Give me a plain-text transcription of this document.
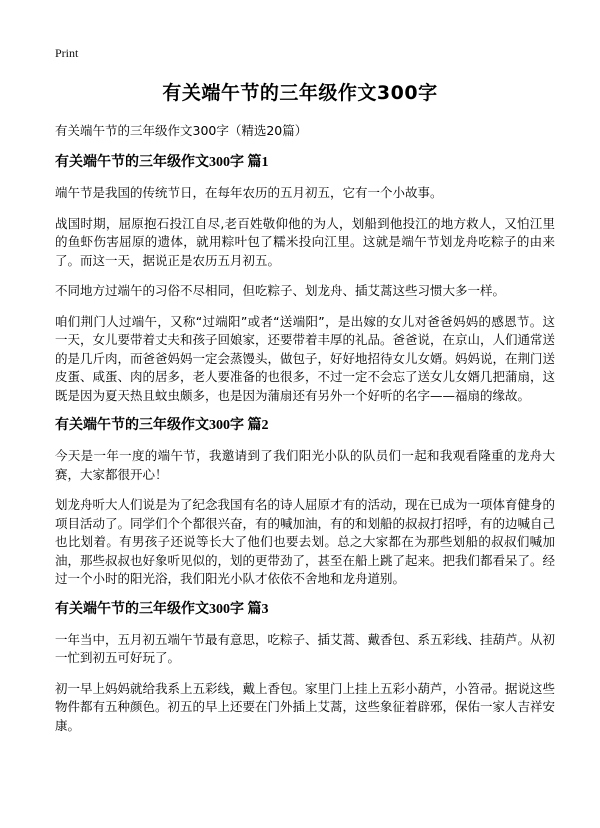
Print
有关端午节的三年级作文300字

有关端午节的三年级作文300字（精选20篇）

有关端午节的三年级作文300字 篇1

端午节是我国的传统节日，在每年农历的五月初五，它有一个小故事。

战国时期，屈原抱石投江自尽,老百姓敬仰他的为人，划船到他投江的地方救人，又怕江里的鱼虾伤害屈原的遗体，就用粽叶包了糯米投向江里。这就是端午节划龙舟吃粽子的由来了。而这一天，据说正是农历五月初五。

不同地方过端午的习俗不尽相同，但吃粽子、划龙舟、插艾蒿这些习惯大多一样。

咱们荆门人过端午，又称“过端阳”或者“送端阳”，是出嫁的女儿对爸爸妈妈的感恩节。这一天，女儿要带着丈夫和孩子回娘家，还要带着丰厚的礼品。爸爸说，在京山，人们通常送的是几斤肉，而爸爸妈妈一定会蒸馒头，做包子，好好地招待女儿女婿。妈妈说，在荆门送皮蛋、咸蛋、肉的居多，老人要准备的也很多，不过一定不会忘了送女儿女婿几把蒲扇，这既是因为夏天热且蚊虫颇多，也是因为蒲扇还有另外一个好听的名字——福扇的缘故。

有关端午节的三年级作文300字 篇2

今天是一年一度的端午节，我邀请到了我们阳光小队的队员们一起和我观看隆重的龙舟大赛，大家都很开心！

划龙舟听大人们说是为了纪念我国有名的诗人屈原才有的活动，现在已成为一项体育健身的项目活动了。同学们个个都很兴奋，有的喊加油，有的和划船的叔叔打招呼，有的边喊自己也比划着。有男孩子还说等长大了他们也要去划。总之大家都在为那些划船的叔叔们喊加油，那些叔叔也好象听见似的，划的更带劲了，甚至在船上跳了起来。把我们都看呆了。经过一个小时的阳光浴，我们阳光小队才依依不舍地和龙舟道别。

有关端午节的三年级作文300字 篇3

一年当中，五月初五端午节最有意思，吃粽子、插艾蒿、戴香包、系五彩线、挂葫芦。从初一忙到初五可好玩了。

初一早上妈妈就给我系上五彩线，戴上香包。家里门上挂上五彩小葫芦，小笤帚。据说这些物件都有五种颜色。初五的早上还要在门外插上艾蒿，这些象征着辟邪，保佑一家人吉祥安康。
